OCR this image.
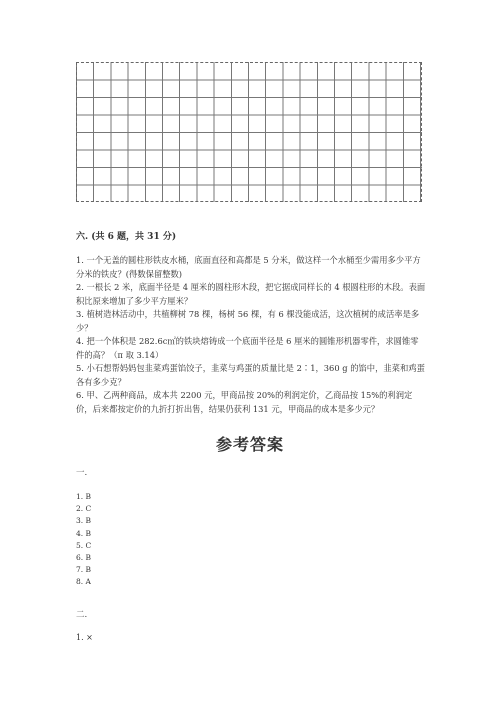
六. (共 6 题，共 31 分)

1. 一个无盖的圆柱形铁皮水桶，底面直径和高都是 5 分米，做这样一个水桶至少需用多少平方分米的铁皮？(得数保留整数)

2. 一根长 2 米，底面半径是 4 厘米的圆柱形木段，把它据成同样长的 4 根圆柱形的木段。表面积比原来增加了多少平方厘米？

3. 植树造林活动中，共植柳树 78 棵，杨树 56 棵，有 6 棵没能成活，这次植树的成活率是多少？

4. 把一个体积是 282.6c㎡的铁块熔铸成一个底面半径是 6 厘米的圆锥形机器零件，求圆锥零件的高？（π 取 3.14）

5. 小石想帮妈妈包韭菜鸡蛋馅饺子，韭菜与鸡蛋的质量比是 2∶1，360 g 的馅中，韭菜和鸡蛋各有多少克？

6. 甲、乙两种商品，成本共 2200 元，甲商品按 20%的利润定价，乙商品按 15%的利润定价，后来都按定价的九折打折出售，结果仍获利 131 元，甲商品的成本是多少元？

参考答案
一.
1. B
2. C
3. B
4. B
5. C
6. B
7. B
8. A
二.
1. ×
